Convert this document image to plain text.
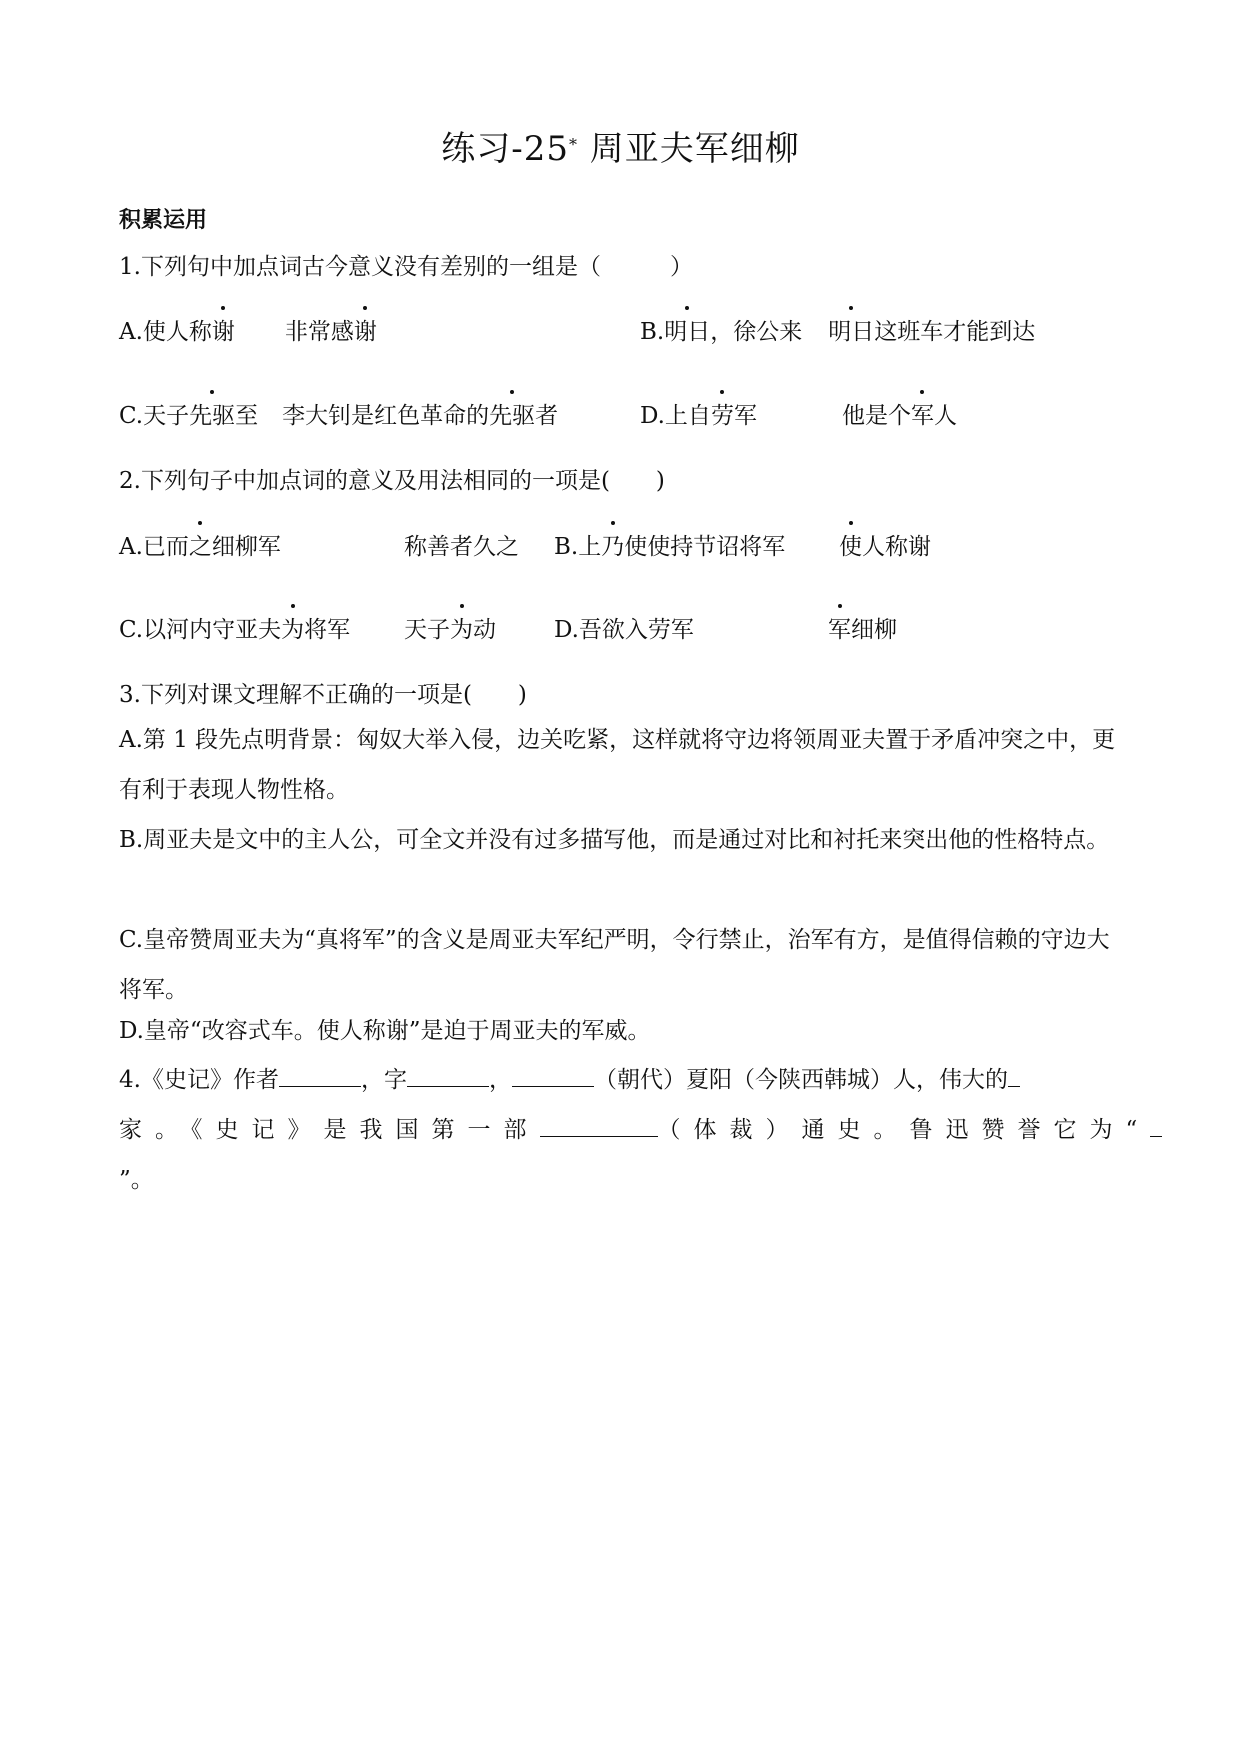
练习-25* 周亚夫军细柳
积累运用
1.下列句中加点词古今意义没有差别的一组是（　　　）
A.使人称谢 非常感谢	B.明日，徐公来 明日这班车才能到达
C.天子先驱至 李大钊是红色革命的先驱者	D.上自劳军	他是个军人
2.下列句子中加点词的意义及用法相同的一项是(　　)
A.已而之细柳军	称善者久之 B.上乃使使持节诏将军 使人称谢
C.以河内守亚夫为将军 天子为动	D.吾欲入劳军	军细柳
3.下列对课文理解不正确的一项是(　　)
A.第 1 段先点明背景：匈奴大举入侵，边关吃紧，这样就将守边将领周亚夫置于矛盾冲突之中，更有利于表现人物性格。
B.周亚夫是文中的主人公，可全文并没有过多描写他，而是通过对比和衬托来突出他的性格特点。
C.皇帝赞周亚夫为“真将军”的含义是周亚夫军纪严明，令行禁止，治军有方，是值得信赖的守边大将军。
D.皇帝“改容式车。使人称谢”是迫于周亚夫的军威。
4.《史记》作者	，字	，	（朝代）夏阳（今陕西韩城）人，伟大的
家。《史记》是我国第一部	（体裁）通史。鲁迅赞誉它为“
”。
